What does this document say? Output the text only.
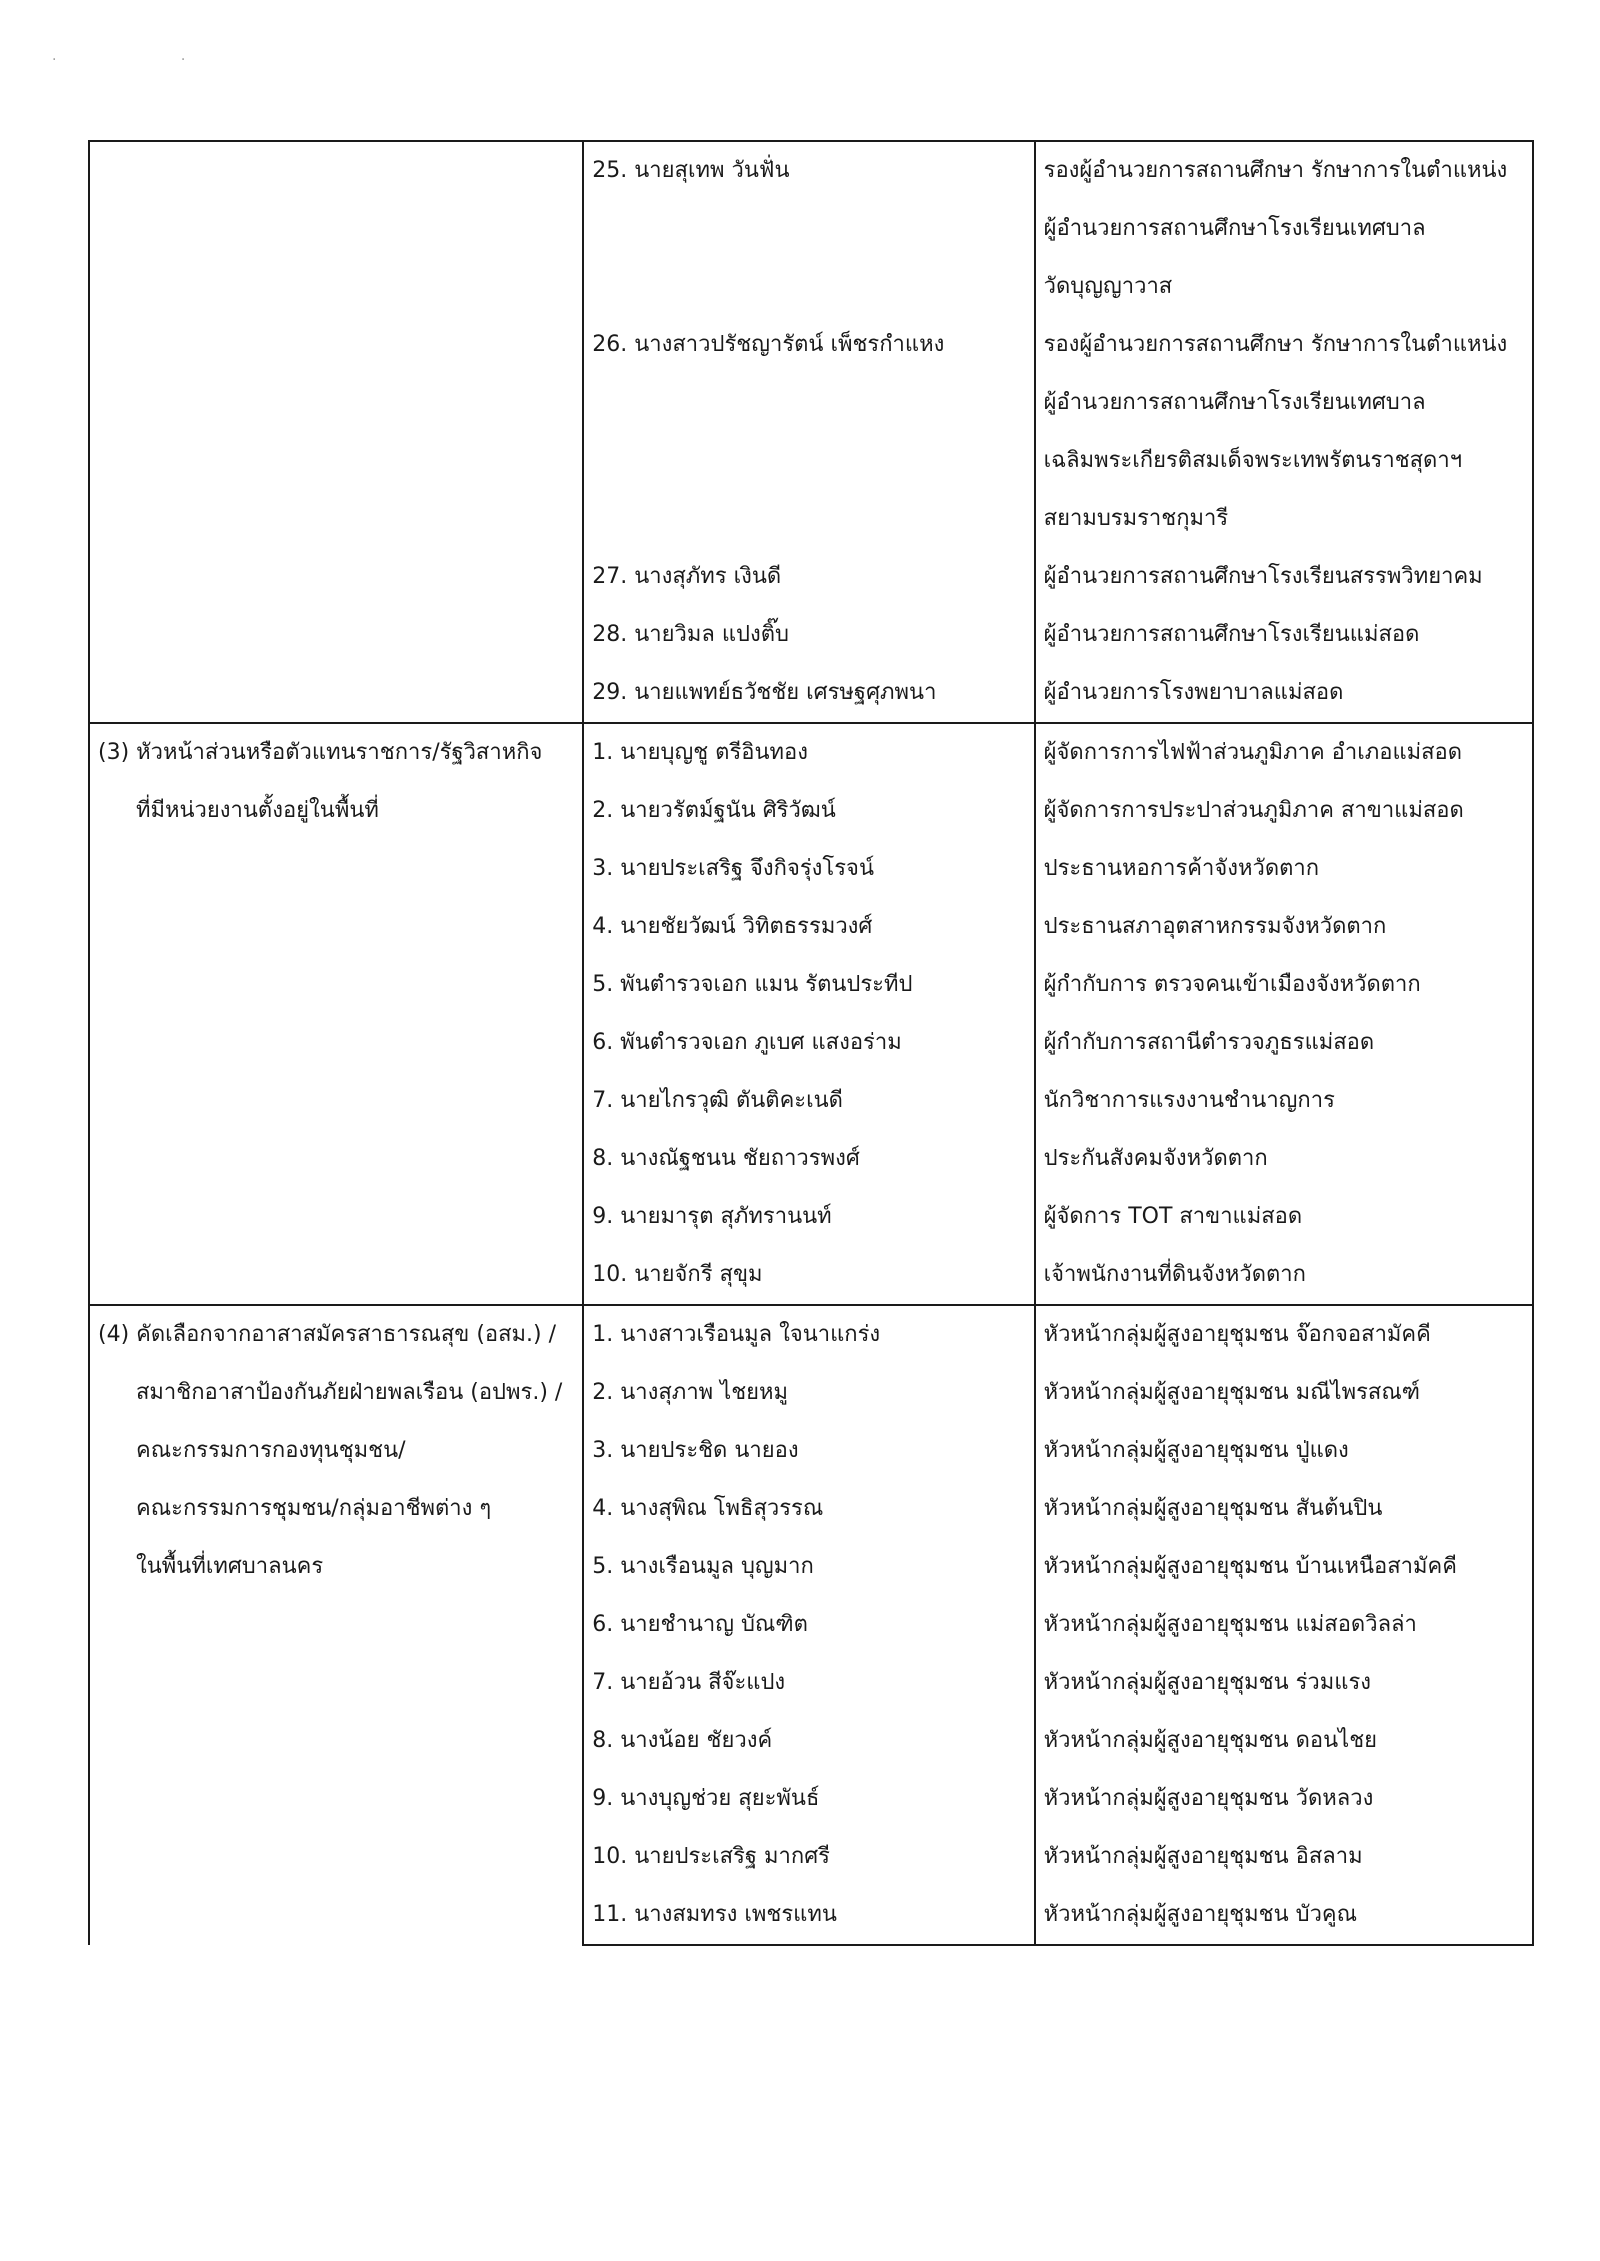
· ·
	25. นายสุเทพ วันฟั่น	รองผู้อำนวยการสถานศึกษา รักษาการในตำแหน่ง
ผู้อำนวยการสถานศึกษาโรงเรียนเทศบาล
วัดบุญญาวาส

	26. นางสาวปรัชญารัตน์ เพ็ชรกำแหง	รองผู้อำนวยการสถานศึกษา รักษาการในตำแหน่ง
ผู้อำนวยการสถานศึกษาโรงเรียนเทศบาล
เฉลิมพระเกียรติสมเด็จพระเทพรัตนราชสุดาฯ
สยามบรมราชกุมารี

	27. นางสุภัทร เงินดี	ผู้อำนวยการสถานศึกษาโรงเรียนสรรพวิทยาคม

	28. นายวิมล แปงติ๊บ	ผู้อำนวยการสถานศึกษาโรงเรียนแม่สอด

	29. นายแพทย์ธวัชชัย เศรษฐศุภพนา	ผู้อำนวยการโรงพยาบาลแม่สอด

(3) หัวหน้าส่วนหรือตัวแทนราชการ/รัฐวิสาหกิจ
ที่มีหน่วยงานตั้งอยู่ในพื้นที่	1. นายบุญชู ตรีอินทอง	ผู้จัดการการไฟฟ้าส่วนภูมิภาค อำเภอแม่สอด

	2. นายวรัตม์ฐนัน ศิริวัฒน์	ผู้จัดการการประปาส่วนภูมิภาค สาขาแม่สอด

	3. นายประเสริฐ จึงกิจรุ่งโรจน์	ประธานหอการค้าจังหวัดตาก

	4. นายชัยวัฒน์ วิทิตธรรมวงศ์	ประธานสภาอุตสาหกรรมจังหวัดตาก

	5. พันตำรวจเอก แมน รัตนประทีป	ผู้กำกับการ ตรวจคนเข้าเมืองจังหวัดตาก

	6. พันตำรวจเอก ภูเบศ แสงอร่าม	ผู้กำกับการสถานีตำรวจภูธรแม่สอด

	7. นายไกรวุฒิ ตันติคะเนดี	นักวิชาการแรงงานชำนาญการ

	8. นางณัฐชนน ชัยถาวรพงศ์	ประกันสังคมจังหวัดตาก

	9. นายมารุต สุภัทรานนท์	ผู้จัดการ TOT สาขาแม่สอด

	10. นายจักรี สุขุม	เจ้าพนักงานที่ดินจังหวัดตาก

(4) คัดเลือกจากอาสาสมัครสาธารณสุข (อสม.) /
สมาชิกอาสาป้องกันภัยฝ่ายพลเรือน (อปพร.) /
คณะกรรมการกองทุนชุมชน/
คณะกรรมการชุมชน/กลุ่มอาชีพต่าง ๆ
ในพื้นที่เทศบาลนคร	1. นางสาวเรือนมูล ใจนาแกร่ง	หัวหน้ากลุ่มผู้สูงอายุชุมชน จ๊อกจอสามัคคี

	2. นางสุภาพ ไชยหมู	หัวหน้ากลุ่มผู้สูงอายุชุมชน มณีไพรสณฑ์

	3. นายประชิด นายอง	หัวหน้ากลุ่มผู้สูงอายุชุมชน ปู่แดง

	4. นางสุพิณ โพธิสุวรรณ	หัวหน้ากลุ่มผู้สูงอายุชุมชน สันต้นปิน

	5. นางเรือนมูล บุญมาก	หัวหน้ากลุ่มผู้สูงอายุชุมชน บ้านเหนือสามัคคี

	6. นายชำนาญ บัณฑิต	หัวหน้ากลุ่มผู้สูงอายุชุมชน แม่สอดวิลล่า

	7. นายอ้วน สีจ๊ะแปง	หัวหน้ากลุ่มผู้สูงอายุชุมชน ร่วมแรง

	8. นางน้อย ชัยวงค์	หัวหน้ากลุ่มผู้สูงอายุชุมชน ดอนไชย

	9. นางบุญช่วย สุยะพันธ์	หัวหน้ากลุ่มผู้สูงอายุชุมชน วัดหลวง

	10. นายประเสริฐ มากศรี	หัวหน้ากลุ่มผู้สูงอายุชุมชน อิสลาม

	11. นางสมทรง เพชรแทน	หัวหน้ากลุ่มผู้สูงอายุชุมชน บัวคูณ
